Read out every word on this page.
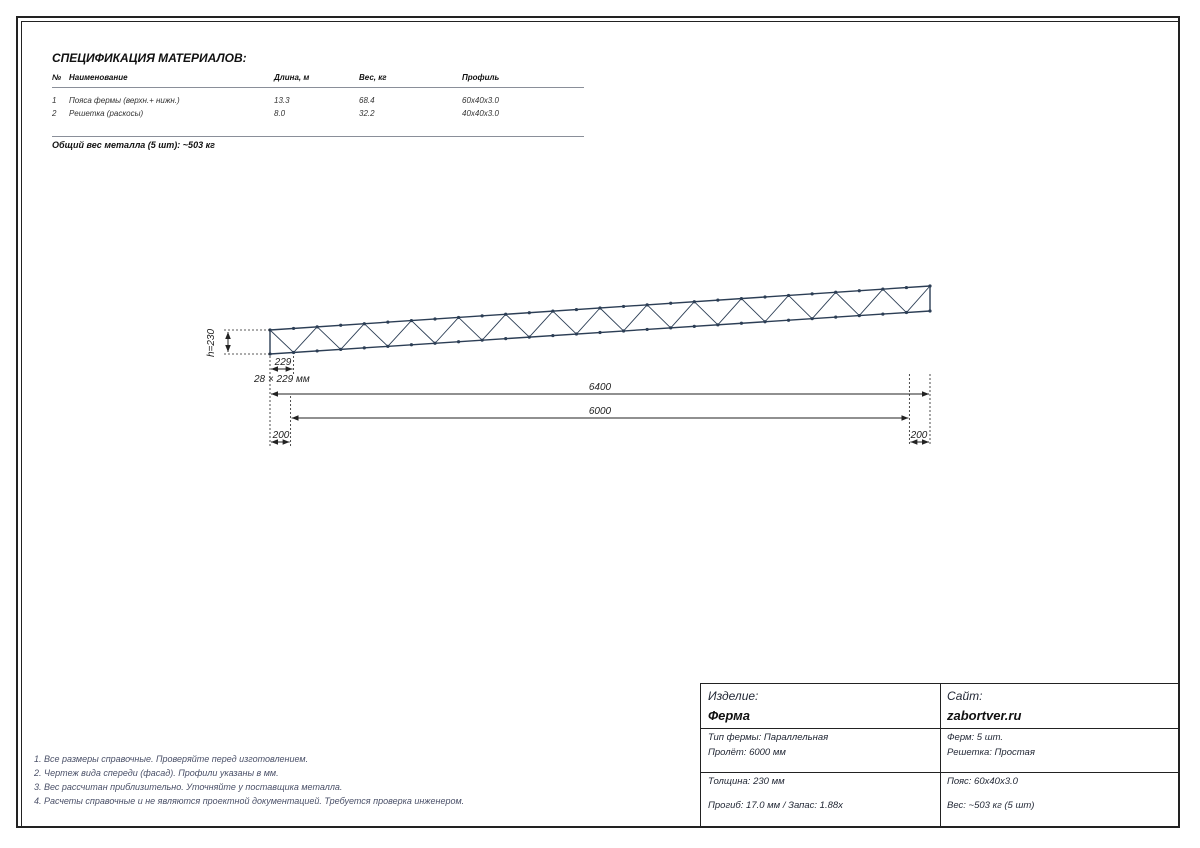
СПЕЦИФИКАЦИЯ МАТЕРИАЛОВ:
№ Наименование	Длина, м	Вес, кг	Профиль
1 Пояса фермы (верхн.+ нижн.)	13.3	68.4	60x40x3.0
2 Решетка (раскосы)	8.0	32.2	40x40x3.0
Общий вес металла (5 шт): ~503 кг
h=230
229
28 × 229 мм
6400
6000
200	200
1. Все размеры справочные. Проверяйте перед изготовлением.
2. Чертеж вида спереди (фасад). Профили указаны в мм.
3. Вес рассчитан приблизительно. Уточняйте у поставщика металла.
4. Расчеты справочные и не являются проектной документацией. Требуется проверка инженером.
Изделие:
Ферма
Сайт:
zabortver.ru
Тип фермы: Параллельная
Пролёт: 6000 мм
Ферм: 5 шт.
Решетка: Простая
Толщина: 230 мм
Прогиб: 17.0 мм / Запас: 1.88x
Пояс: 60x40x3.0
Вес: ~503 кг (5 шт)
